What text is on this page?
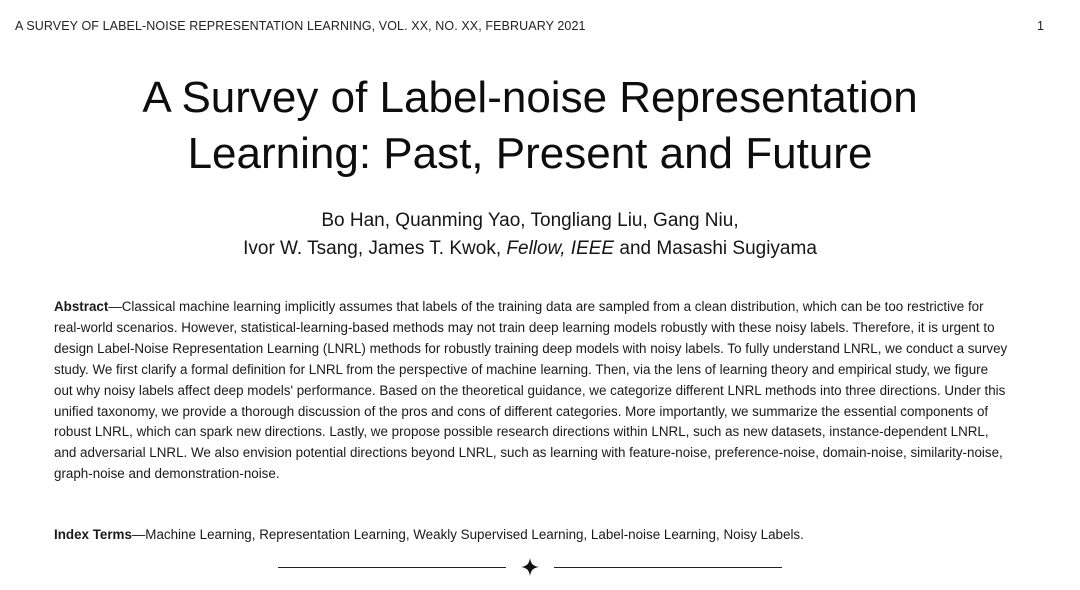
A SURVEY OF LABEL-NOISE REPRESENTATION LEARNING, VOL. XX, NO. XX, FEBRUARY 2021	1
A Survey of Label-noise Representation
Learning: Past, Present and Future
Bo Han, Quanming Yao, Tongliang Liu, Gang Niu,
Ivor W. Tsang, James T. Kwok, Fellow, IEEE and Masashi Sugiyama
Abstract—Classical machine learning implicitly assumes that labels of the training data are sampled from a clean distribution, which can be too restrictive for real-world scenarios. However, statistical-learning-based methods may not train deep learning models robustly with these noisy labels. Therefore, it is urgent to design Label-Noise Representation Learning (LNRL) methods for robustly training deep models with noisy labels. To fully understand LNRL, we conduct a survey study. We first clarify a formal definition for LNRL from the perspective of machine learning. Then, via the lens of learning theory and empirical study, we figure out why noisy labels affect deep models' performance. Based on the theoretical guidance, we categorize different LNRL methods into three directions. Under this unified taxonomy, we provide a thorough discussion of the pros and cons of different categories. More importantly, we summarize the essential components of robust LNRL, which can spark new directions. Lastly, we propose possible research directions within LNRL, such as new datasets, instance-dependent LNRL, and adversarial LNRL. We also envision potential directions beyond LNRL, such as learning with feature-noise, preference-noise, domain-noise, similarity-noise, graph-noise and demonstration-noise.
Index Terms—Machine Learning, Representation Learning, Weakly Supervised Learning, Label-noise Learning, Noisy Labels.
